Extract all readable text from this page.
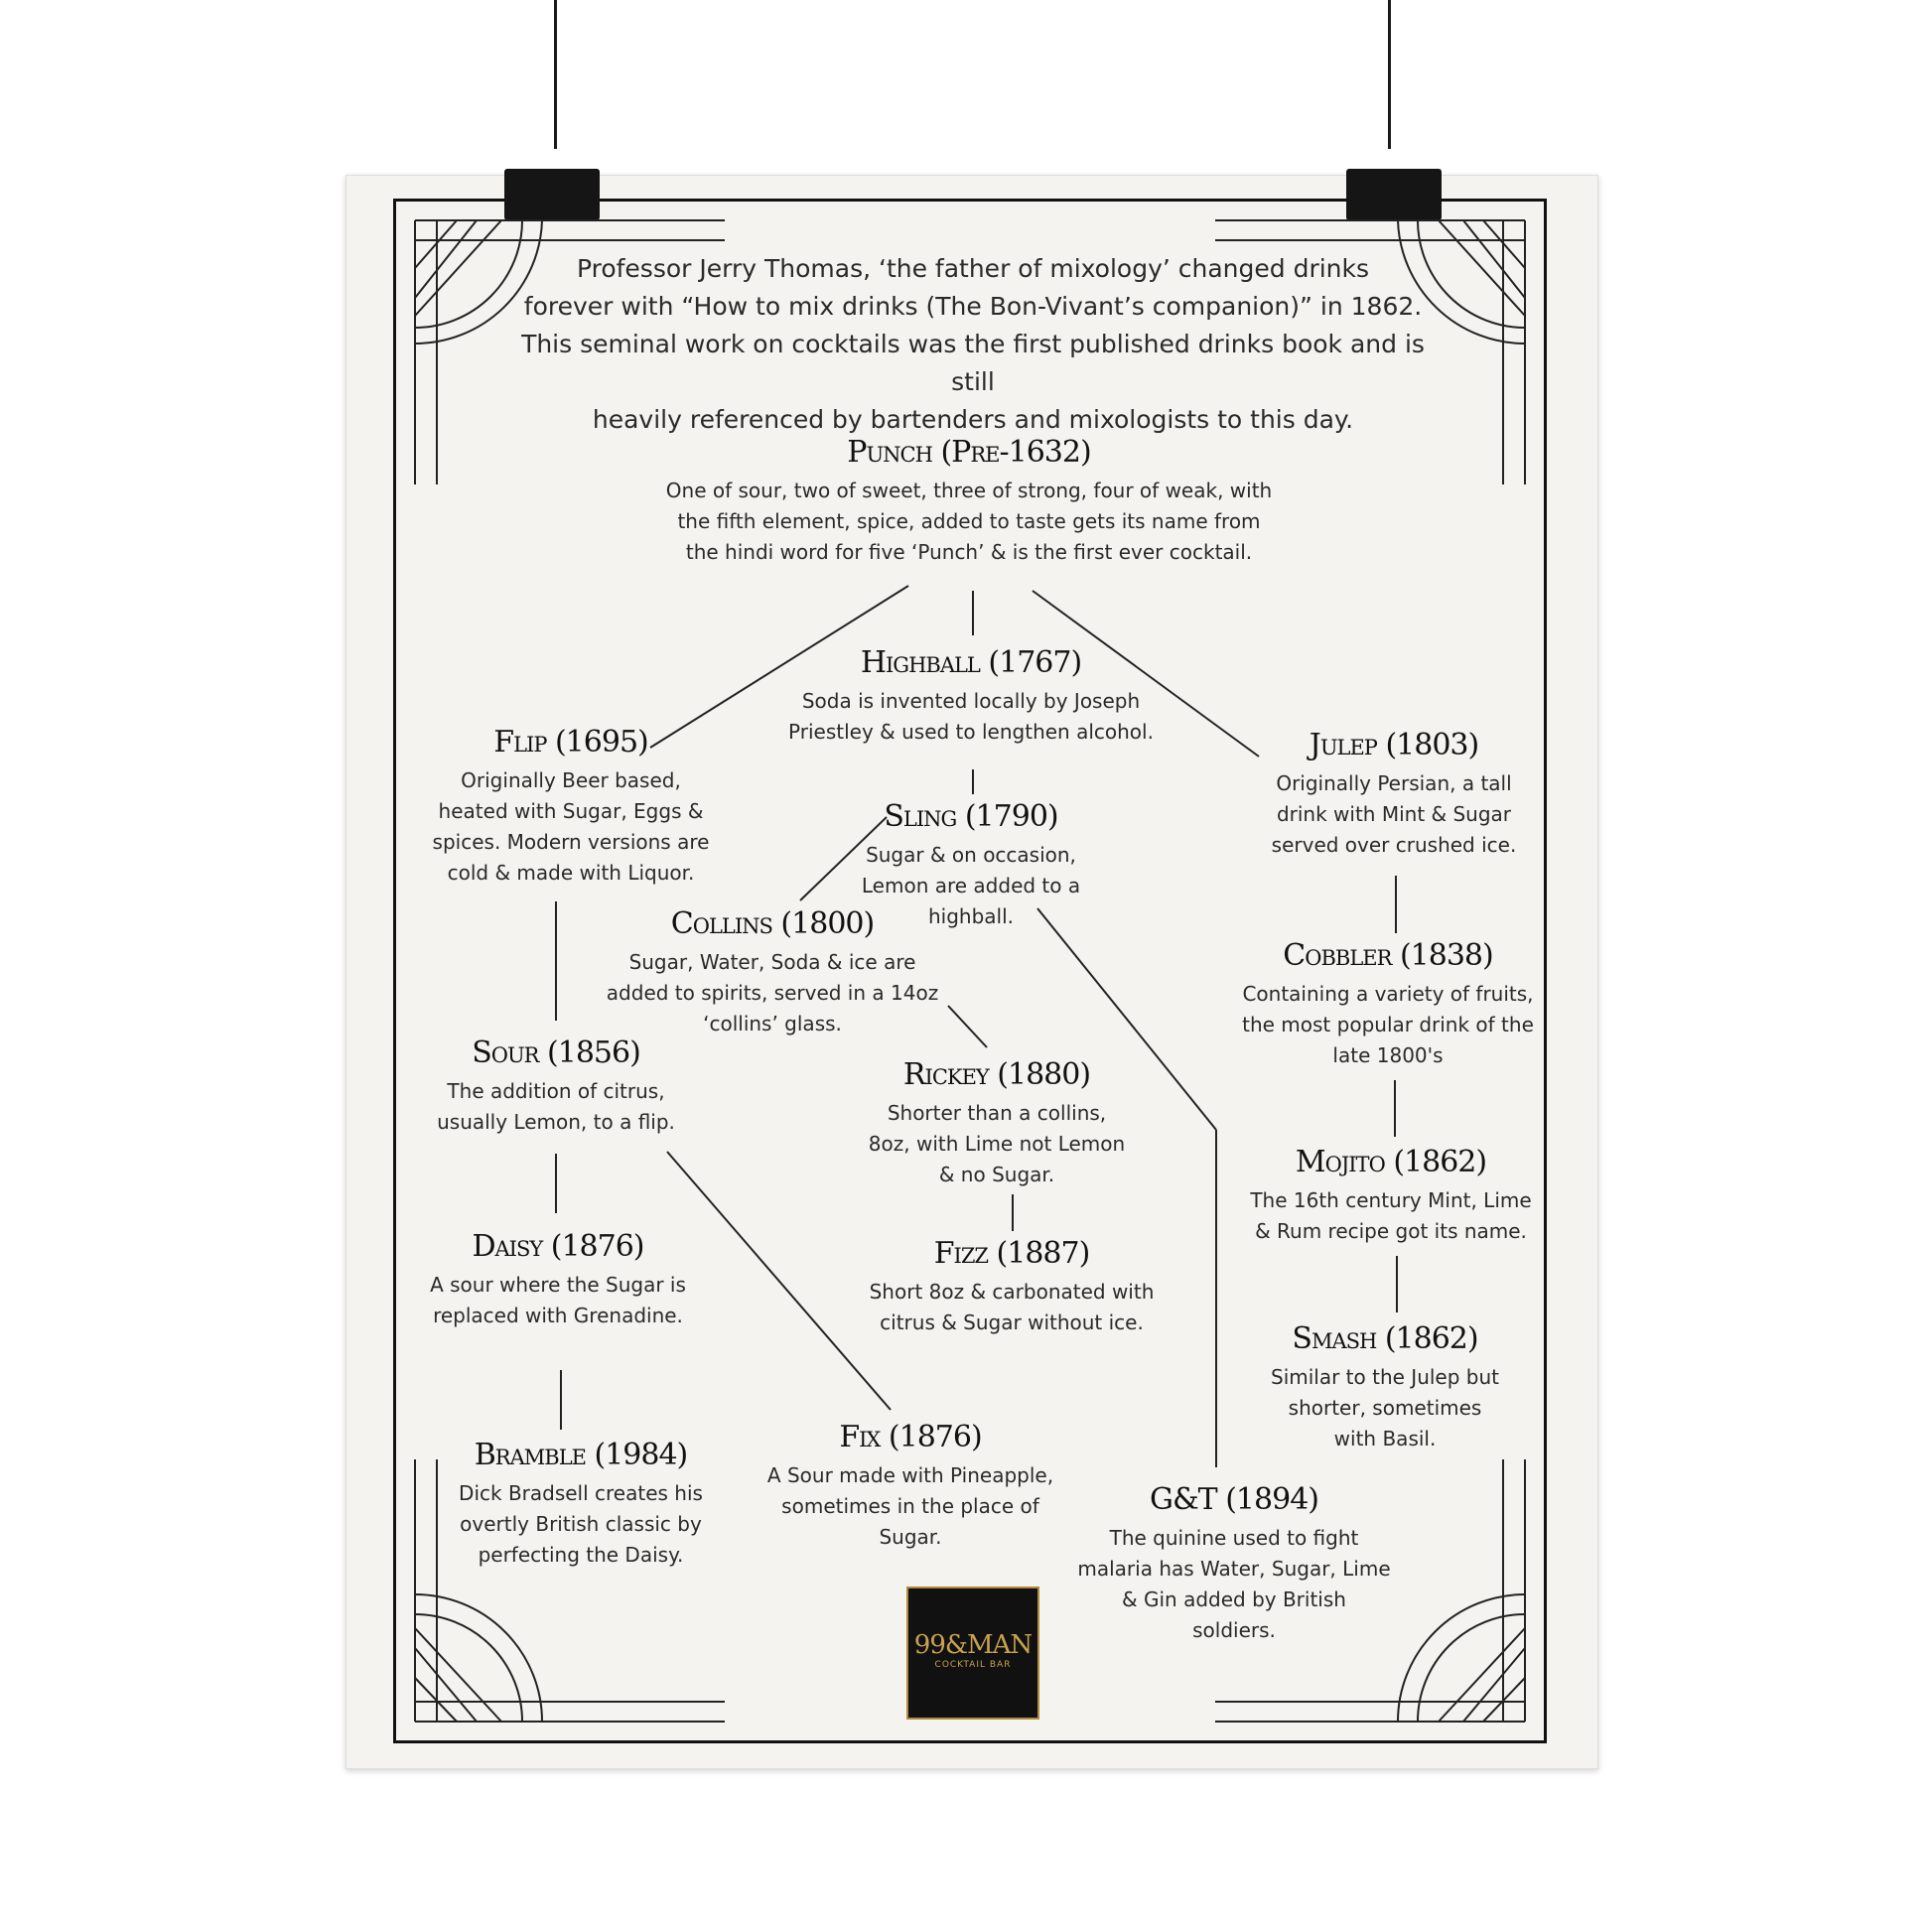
Professor Jerry Thomas, ‘the father of mixology’ changed drinks
forever with “How to mix drinks (The Bon-Vivant’s companion)” in 1862.
This seminal work on cocktails was the first published drinks book and is still
heavily referenced by bartenders and mixologists to this day.
Punch (Pre-1632)

One of sour, two of sweet, three of strong, four of weak, with

the fifth element, spice, added to taste gets its name from

the hindi word for five ‘Punch’ & is the first ever cocktail.

Highball (1767)

Soda is invented locally by Joseph

Priestley & used to lengthen alcohol.

Flip (1695)

Originally Beer based,

heated with Sugar, Eggs &

spices. Modern versions are

cold & made with Liquor.

Julep (1803)

Originally Persian, a tall

drink with Mint & Sugar

served over crushed ice.

Sling (1790)

Sugar & on occasion,

Lemon are added to a

highball.

Collins (1800)

Sugar, Water, Soda & ice are

added to spirits, served in a 14oz

‘collins’ glass.

Cobbler (1838)

Containing a variety of fruits,

the most popular drink of the

late 1800's

Sour (1856)

The addition of citrus,

usually Lemon, to a flip.

Rickey (1880)

Shorter than a collins,

8oz, with Lime not Lemon

& no Sugar.	Mojito (1862)

The 16th century Mint, Lime

& Rum recipe got its name.

Daisy (1876)

A sour where the Sugar is

replaced with Grenadine.

Fizz (1887)

Short 8oz & carbonated with

citrus & Sugar without ice.	Smash (1862)

Similar to the Julep but

shorter, sometimes

with Basil.

Fix (1876)

A Sour made with Pineapple,

sometimes in the place of

Sugar.

Bramble (1984)

Dick Bradsell creates his

overtly British classic by

perfecting the Daisy.

G&T (1894)

The quinine used to fight

malaria has Water, Sugar, Lime

& Gin added by British

soldiers.

99&MAN
COCKTAIL BAR
